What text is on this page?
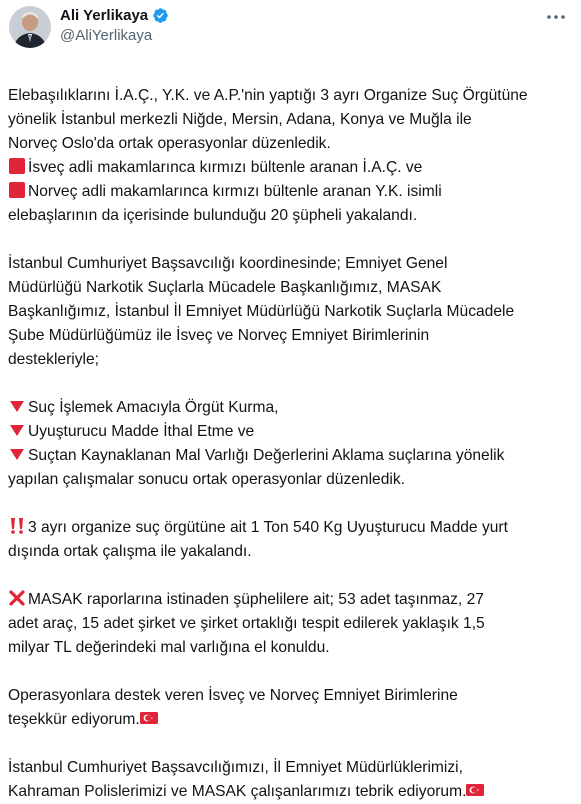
Ali Yerlikaya
@AliYerlikaya
Elebaşılıklarını İ.A.Ç., Y.K. ve A.P.'nin yaptığı 3 ayrı Organize Suç Örgütüne
yönelik İstanbul merkezli Niğde, Mersin, Adana, Konya ve Muğla ile
Norveç Oslo'da ortak operasyonlar düzenledik.
İsveç adli makamlarınca kırmızı bültenle aranan İ.A.Ç. ve
Norveç adli makamlarınca kırmızı bültenle aranan Y.K. isimli
elebaşlarının da içerisinde bulunduğu 20 şüpheli yakalandı.
İstanbul Cumhuriyet Başsavcılığı koordinesinde; Emniyet Genel
Müdürlüğü Narkotik Suçlarla Mücadele Başkanlığımız, MASAK
Başkanlığımız, İstanbul İl Emniyet Müdürlüğü Narkotik Suçlarla Mücadele
Şube Müdürlüğümüz ile İsveç ve Norveç Emniyet Birimlerinin
destekleriyle;
Suç İşlemek Amacıyla Örgüt Kurma,
Uyuşturucu Madde İthal Etme ve
Suçtan Kaynaklanan Mal Varlığı Değerlerini Aklama suçlarına yönelik
yapılan çalışmalar sonucu ortak operasyonlar düzenledik.
3 ayrı organize suç örgütüne ait 1 Ton 540 Kg Uyuşturucu Madde yurt
dışında ortak çalışma ile yakalandı.
MASAK raporlarına istinaden şüphelilere ait; 53 adet taşınmaz, 27
adet araç, 15 adet şirket ve şirket ortaklığı tespit edilerek yaklaşık 1,5
milyar TL değerindeki mal varlığına el konuldu.
Operasyonlara destek veren İsveç ve Norveç Emniyet Birimlerine
teşekkür ediyorum.
İstanbul Cumhuriyet Başsavcılığımızı, İl Emniyet Müdürlüklerimizi,
Kahraman Polislerimizi ve MASAK çalışanlarımızı tebrik ediyorum.
